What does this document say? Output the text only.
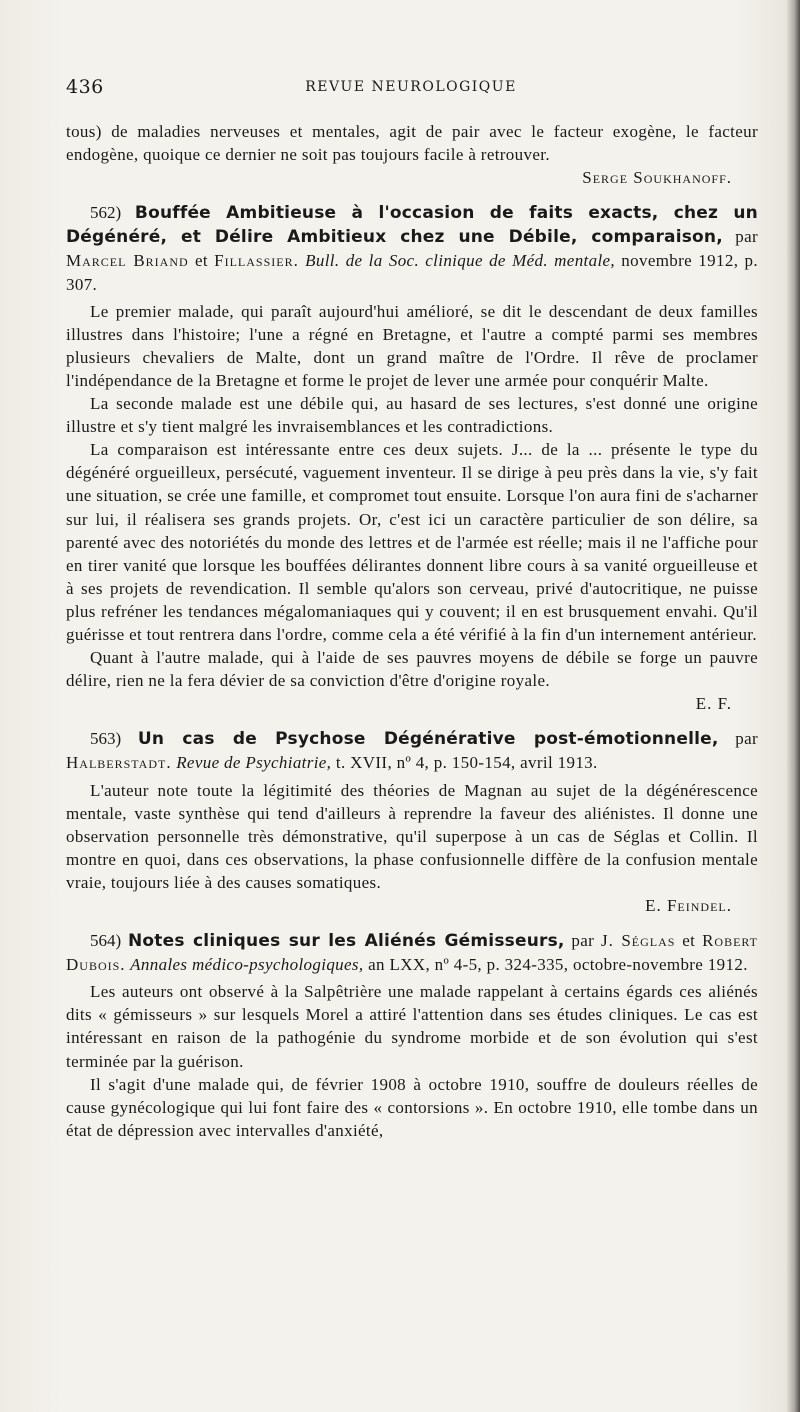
436	REVUE NEUROLOGIQUE

tous) de maladies nerveuses et mentales, agit de pair avec le facteur exogène, le facteur endogène, quoique ce dernier ne soit pas toujours facile à retrouver.

Serge Soukhanoff.

562) Bouffée Ambitieuse à l'occasion de faits exacts, chez un Dégénéré, et Délire Ambitieux chez une Débile, comparaison, par Marcel Briand et Fillassier. Bull. de la Soc. clinique de Méd. mentale, novembre 1912, p. 307.

Le premier malade, qui paraît aujourd'hui amélioré, se dit le descendant de deux familles illustres dans l'histoire; l'une a régné en Bretagne, et l'autre a compté parmi ses membres plusieurs chevaliers de Malte, dont un grand maître de l'Ordre. Il rêve de proclamer l'indépendance de la Bretagne et forme le projet de lever une armée pour conquérir Malte.

La seconde malade est une débile qui, au hasard de ses lectures, s'est donné une origine illustre et s'y tient malgré les invraisemblances et les contradictions.

La comparaison est intéressante entre ces deux sujets. J... de la ... présente le type du dégénéré orgueilleux, persécuté, vaguement inventeur. Il se dirige à peu près dans la vie, s'y fait une situation, se crée une famille, et compromet tout ensuite. Lorsque l'on aura fini de s'acharner sur lui, il réalisera ses grands projets. Or, c'est ici un caractère particulier de son délire, sa parenté avec des notoriétés du monde des lettres et de l'armée est réelle; mais il ne l'affiche pour en tirer vanité que lorsque les bouffées délirantes donnent libre cours à sa vanité orgueilleuse et à ses projets de revendication. Il semble qu'alors son cerveau, privé d'autocritique, ne puisse plus refréner les tendances mégalomaniaques qui y couvent; il en est brusquement envahi. Qu'il guérisse et tout rentrera dans l'ordre, comme cela a été vérifié à la fin d'un internement antérieur.

Quant à l'autre malade, qui à l'aide de ses pauvres moyens de débile se forge un pauvre délire, rien ne la fera dévier de sa conviction d'être d'origine royale.

E. F.

563) Un cas de Psychose Dégénérative post-émotionnelle, par Halberstadt. Revue de Psychiatrie, t. XVII, nº 4, p. 150-154, avril 1913.

L'auteur note toute la légitimité des théories de Magnan au sujet de la dégénérescence mentale, vaste synthèse qui tend d'ailleurs à reprendre la faveur des aliénistes. Il donne une observation personnelle très démonstrative, qu'il superpose à un cas de Séglas et Collin. Il montre en quoi, dans ces observations, la phase confusionnelle diffère de la confusion mentale vraie, toujours liée à des causes somatiques.

E. Feindel.

564) Notes cliniques sur les Aliénés Gémisseurs, par J. Séglas et Robert Dubois. Annales médico-psychologiques, an LXX, nº 4-5, p. 324-335, octobre-novembre 1912.

Les auteurs ont observé à la Salpêtrière une malade rappelant à certains égards ces aliénés dits « gémisseurs » sur lesquels Morel a attiré l'attention dans ses études cliniques. Le cas est intéressant en raison de la pathogénie du syndrome morbide et de son évolution qui s'est terminée par la guérison.

Il s'agit d'une malade qui, de février 1908 à octobre 1910, souffre de douleurs réelles de cause gynécologique qui lui font faire des « contorsions ». En octobre 1910, elle tombe dans un état de dépression avec intervalles d'anxiété,
